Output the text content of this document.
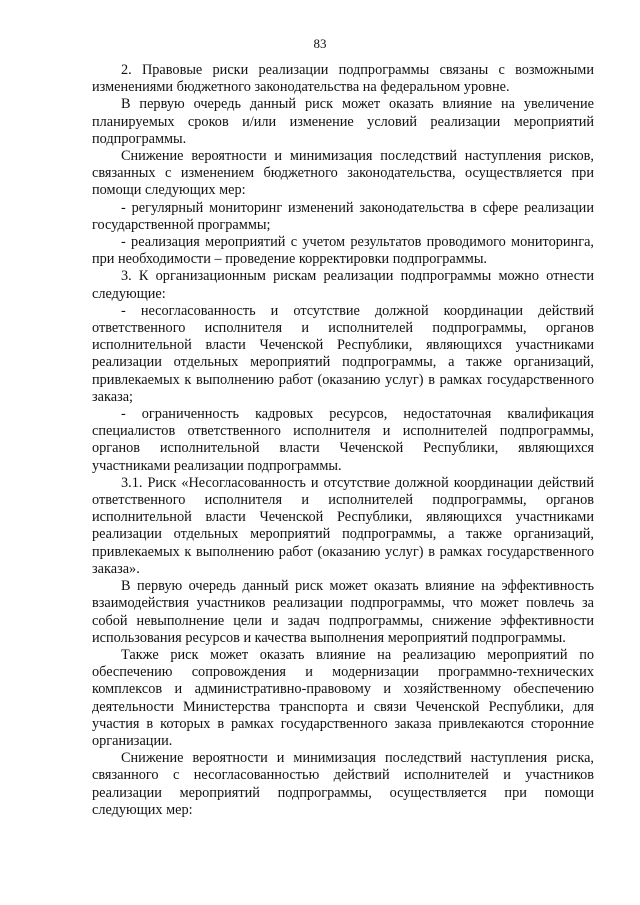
83

2. Правовые риски реализации подпрограммы связаны с возможными изменениями бюджетного законодательства на федеральном уровне.

В первую очередь данный риск может оказать влияние на увеличение планируемых сроков и/или изменение условий реализации мероприятий подпрограммы.

Снижение вероятности и минимизация последствий наступления рисков, связанных с изменением бюджетного законодательства, осуществляется при помощи следующих мер:

- регулярный мониторинг изменений законодательства в сфере реализации государственной программы;

- реализация мероприятий с учетом результатов проводимого мониторинга, при необходимости – проведение корректировки подпрограммы.

3. К организационным рискам реализации подпрограммы можно отнести следующие:

- несогласованность и отсутствие должной координации действий ответственного исполнителя и исполнителей подпрограммы, органов исполнительной власти Чеченской Республики, являющихся участниками реализации отдельных мероприятий подпрограммы, а также организаций, привлекаемых к выполнению работ (оказанию услуг) в рамках государственного заказа;

- ограниченность кадровых ресурсов, недостаточная квалификация специалистов ответственного исполнителя и исполнителей подпрограммы, органов исполнительной власти Чеченской Республики, являющихся участниками реализации подпрограммы.

3.1. Риск «Несогласованность и отсутствие должной координации действий ответственного исполнителя и исполнителей подпрограммы, органов исполнительной власти Чеченской Республики, являющихся участниками реализации отдельных мероприятий подпрограммы, а также организаций, привлекаемых к выполнению работ (оказанию услуг) в рамках государственного заказа».

В первую очередь данный риск может оказать влияние на эффективность взаимодействия участников реализации подпрограммы, что может повлечь за собой невыполнение цели и задач подпрограммы, снижение эффективности использования ресурсов и качества выполнения мероприятий подпрограммы.

Также риск может оказать влияние на реализацию мероприятий по обеспечению сопровождения и модернизации программно-технических комплексов и административно-правовому и хозяйственному обеспечению деятельности Министерства транспорта и связи Чеченской Республики, для участия в которых в рамках государственного заказа привлекаются сторонние организации.

Снижение вероятности и минимизация последствий наступления риска, связанного с несогласованностью действий исполнителей и участников реализации мероприятий подпрограммы, осуществляется при помощи следующих мер:
